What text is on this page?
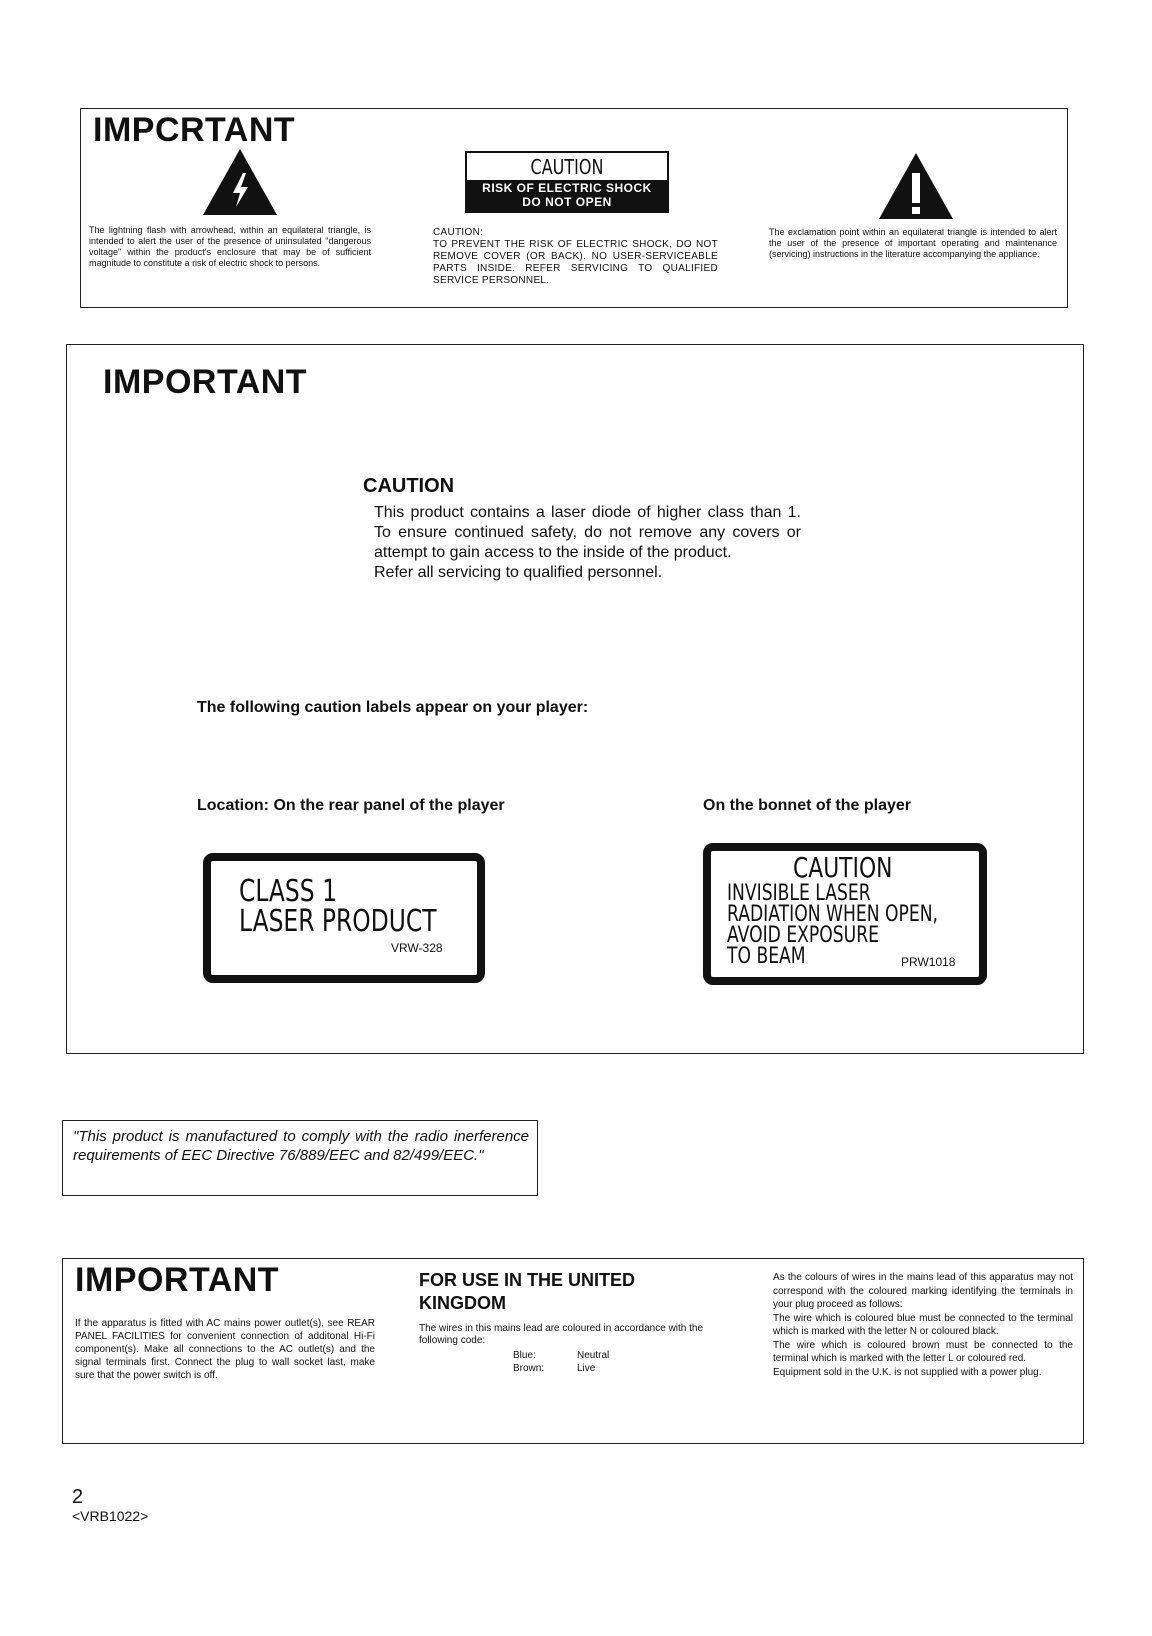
IMPCRTANT
The lightning flash with arrowhead, within an equilateral triangle, is intended to alert the user of the presence of uninsulated "dangerous voltage" within the product's enclosure that may be of sufficient magnitude to constitute a risk of electric shock to persons.
CAUTION
RISK OF ELECTRIC SHOCK
DO NOT OPEN
CAUTION:
TO PREVENT THE RISK OF ELECTRIC SHOCK, DO NOT REMOVE COVER (OR BACK). NO USER-SERVICEABLE PARTS INSIDE. REFER SERVICING TO QUALIFIED SERVICE PERSONNEL.
The exclamation point within an equilateral triangle is intended to alert the user of the presence of important operating and maintenance (servicing) instructions in the literature accompanying the appliance.
IMPORTANT
CAUTION
This product contains a laser diode of higher class than 1. To ensure continued safety, do not remove any covers or attempt to gain access to the inside of the product.
Refer all servicing to qualified personnel.
The following caution labels appear on your player:
Location: On the rear panel of the player	On the bonnet of the player
CLASS 1
LASER PRODUCT
VRW-328
CAUTION
INVISIBLE LASER
RADIATION WHEN OPEN,
AVOID EXPOSURE
TO BEAM	PRW1018
"This product is manufactured to comply with the radio inerference requirements of EEC Directive 76/889/EEC and 82/499/EEC."
IMPORTANT
If the apparatus is fitted with AC mains power outlet(s), see REAR PANEL FACILITIES for convenient connection of additonal Hi-Fi component(s). Make all connections to the AC outlet(s) and the signal terminals first. Connect the plug to wall socket last, make sure that the power switch is off.
FOR USE IN THE UNITED KINGDOM
The wires in this mains lead are coloured in accordance with the following code:
Blue:	Neutral
Brown:	Live
As the colours of wires in the mains lead of this apparatus may not correspond with the coloured marking identifying the terminals in your plug proceed as follows:
The wire which is coloured blue must be connected to the terminal which is marked with the letter N or coloured black.
The wire which is coloured brown must be connected to the terminal which is marked with the letter L or coloured red.
Equipment sold in the U.K. is not supplied with a power plug.
2
<VRB1022>
